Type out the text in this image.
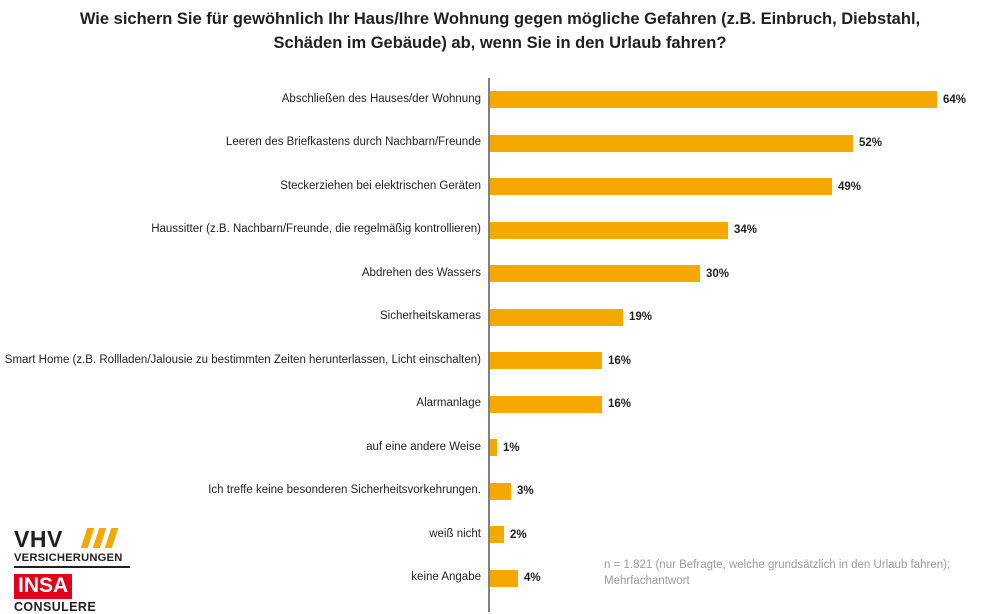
Wie sichern Sie für gewöhnlich Ihr Haus/Ihre Wohnung gegen mögliche Gefahren (z.B. Einbruch, Diebstahl, Schäden im Gebäude) ab, wenn Sie in den Urlaub fahren?
Abschließen des Hauses/der Wohnung	64%
Leeren des Briefkastens durch Nachbarn/Freunde	52%
Steckerziehen bei elektrischen Geräten	49%
Haussitter (z.B. Nachbarn/Freunde, die regelmäßig kontrollieren)	34%
Abdrehen des Wassers	30%
Sicherheitskameras	19%
Smart Home (z.B. Rollladen/Jalousie zu bestimmten Zeiten herunterlassen, Licht einschalten)	16%
Alarmanlage	16%
auf eine andere Weise 1%
Ich treffe keine besonderen Sicherheitsvorkehrungen.	3%
weiß nicht	2%
keine Angabe	4%
n = 1.821 (nur Befragte, welche grundsätzlich in den Urlaub fahren);
Mehrfachantwort
VHV
VERSICHERUNGEN
INSA
CONSULERE
